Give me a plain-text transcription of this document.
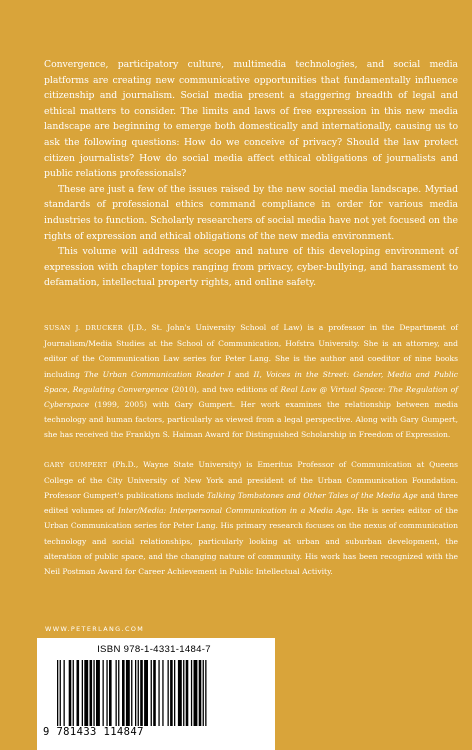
Convergence, participatory culture, multimedia technologies, and social media platforms are creating new communicative opportunities that fundamentally influence citizenship and journalism. Social media present a staggering breadth of legal and ethical matters to consider. The limits and laws of free expression in this new media landscape are beginning to emerge both domestically and internationally, causing us to ask the following questions: How do we conceive of privacy? Should the law protect citizen journalists? How do social media affect ethical obligations of journalists and public relations professionals?

These are just a few of the issues raised by the new social media landscape. Myriad standards of professional ethics command compliance in order for various media industries to function. Scholarly researchers of social media have not yet focused on the rights of expression and ethical obligations of the new media environment.

This volume will address the scope and nature of this developing environment of expression with chapter topics ranging from privacy, cyber-bullying, and harassment to defamation, intellectual property rights, and online safety.

SUSAN J. DRUCKER (J.D., St. John's University School of Law) is a professor in the Department of Journalism/Media Studies at the School of Communication, Hofstra University. She is an attorney, and editor of the Communication Law series for Peter Lang. She is the author and coeditor of nine books including The Urban Communication Reader I and II, Voices in the Street: Gender, Media and Public Space, Regulating Convergence (2010), and two editions of Real Law @ Virtual Space: The Regulation of Cyberspace (1999, 2005) with Gary Gumpert. Her work examines the relationship between media technology and human factors, particularly as viewed from a legal perspective. Along with Gary Gumpert, she has received the Franklyn S. Haiman Award for Distinguished Scholarship in Freedom of Expression.

GARY GUMPERT (Ph.D., Wayne State University) is Emeritus Professor of Communication at Queens College of the City University of New York and president of the Urban Communication Foundation. Professor Gumpert's publications include Talking Tombstones and Other Tales of the Media Age and three edited volumes of Inter/Media: Interpersonal Communication in a Media Age. He is series editor of the Urban Communication series for Peter Lang. His primary research focuses on the nexus of communication technology and social relationships, particularly looking at urban and suburban development, the alteration of public space, and the changing nature of community. His work has been recognized with the Neil Postman Award for Career Achievement in Public Intellectual Activity.

WWW.PETERLANG.COM
ISBN 978-1-4331-1484-7
9 781433 114847
